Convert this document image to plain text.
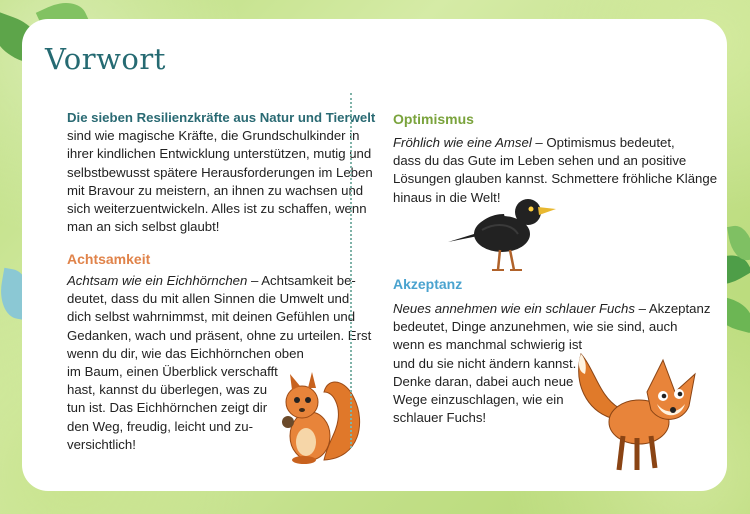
Vorwort
Die sieben Resilienzkräfte aus Natur und Tierwelt
sind wie magische Kräfte, die Grundschulkinder in
ihrer kindlichen Entwicklung unterstützen, mutig und
selbstbewusst spätere Herausforderungen im Leben
mit Bravour zu meistern, an ihnen zu wachsen und
sich weiterzuentwickeln. Alles ist zu schaffen, wenn
man an sich selbst glaubt!
Achtsamkeit
Achtsam wie ein Eichhörnchen – Achtsamkeit be-
deutet, dass du mit allen Sinnen die Umwelt und
dich selbst wahrnimmst, mit deinen Gefühlen und
Gedanken, wach und präsent, ohne zu urteilen. Erst
wenn du dir, wie das Eichhörnchen oben
im Baum, einen Überblick verschafft
hast, kannst du überlegen, was zu
tun ist. Das Eichhörnchen zeigt dir
den Weg, freudig, leicht und zu-
versichtlich!
Optimismus
Fröhlich wie eine Amsel – Optimismus bedeutet,
dass du das Gute im Leben sehen und an positive
Lösungen glauben kannst. Schmettere fröhliche Klänge
hinaus in die Welt!
Akzeptanz
Neues annehmen wie ein schlauer Fuchs – Akzeptanz
bedeutet, Dinge anzunehmen, wie sie sind, auch
wenn es manchmal schwierig ist
und du sie nicht ändern kannst.
Denke daran, dabei auch neue
Wege einzuschlagen, wie ein
schlauer Fuchs!
